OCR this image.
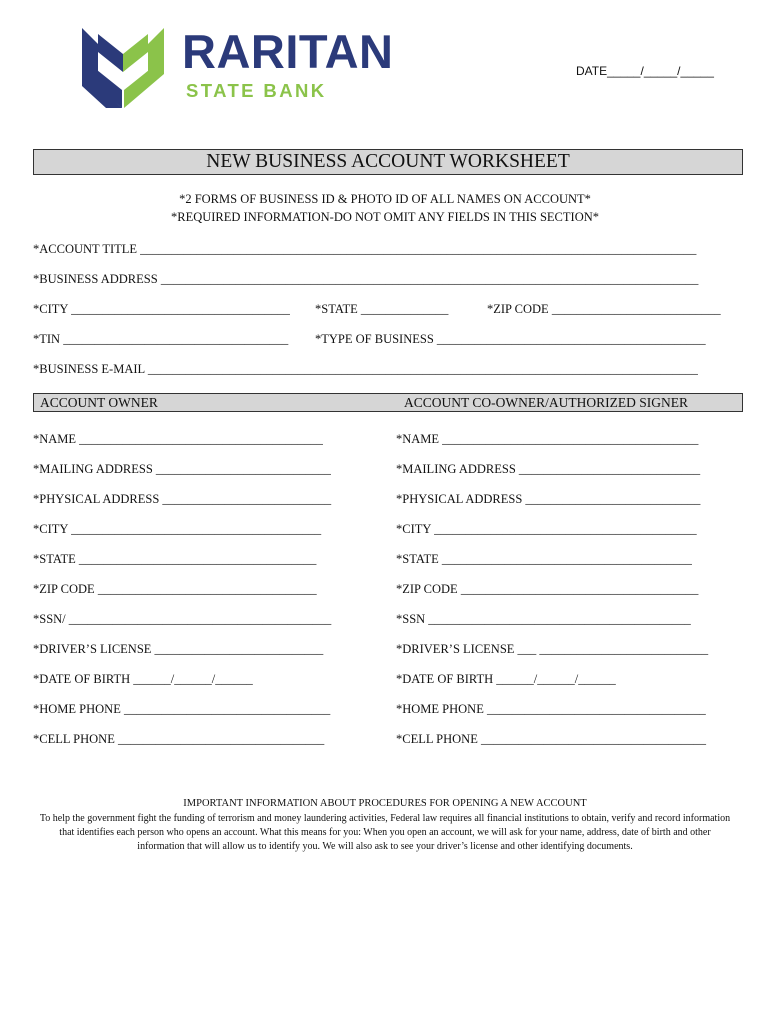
RARITAN
STATE BANK
DATE_____/_____/_____
NEW BUSINESS ACCOUNT WORKSHEET
*2 FORMS OF BUSINESS ID & PHOTO ID OF ALL NAMES ON ACCOUNT*
*REQUIRED INFORMATION-DO NOT OMIT ANY FIELDS IN THIS SECTION*
*ACCOUNT TITLE _________________________________________________________________________________________
*BUSINESS ADDRESS ______________________________________________________________________________________
*CITY ___________________________________ *STATE ______________	*ZIP CODE ___________________________
*TIN ____________________________________ *TYPE OF BUSINESS ___________________________________________
*BUSINESS E-MAIL ________________________________________________________________________________________
ACCOUNT OWNER	ACCOUNT CO-OWNER/AUTHORIZED SIGNER
*NAME _______________________________________
*MAILING ADDRESS ____________________________
*PHYSICAL ADDRESS ___________________________
*CITY ________________________________________
*STATE ______________________________________
*ZIP CODE ___________________________________
*SSN/ __________________________________________
*DRIVER’S LICENSE ___________________________
*DATE OF BIRTH ______/______/______
*HOME PHONE _________________________________
*CELL PHONE _________________________________
*NAME _________________________________________
*MAILING ADDRESS _____________________________
*PHYSICAL ADDRESS ____________________________
*CITY __________________________________________
*STATE ________________________________________
*ZIP CODE ______________________________________
*SSN __________________________________________
*DRIVER’S LICENSE ___ ___________________________
*DATE OF BIRTH ______/______/______
*HOME PHONE ___________________________________
*CELL PHONE ____________________________________
IMPORTANT INFORMATION ABOUT PROCEDURES FOR OPENING A NEW ACCOUNT
To help the government fight the funding of terrorism and money laundering activities, Federal law requires all financial institutions to obtain, verify and record information
that identifies each person who opens an account. What this means for you: When you open an account, we will ask for your name, address, date of birth and other
information that will allow us to identify you. We will also ask to see your driver’s license and other identifying documents.
